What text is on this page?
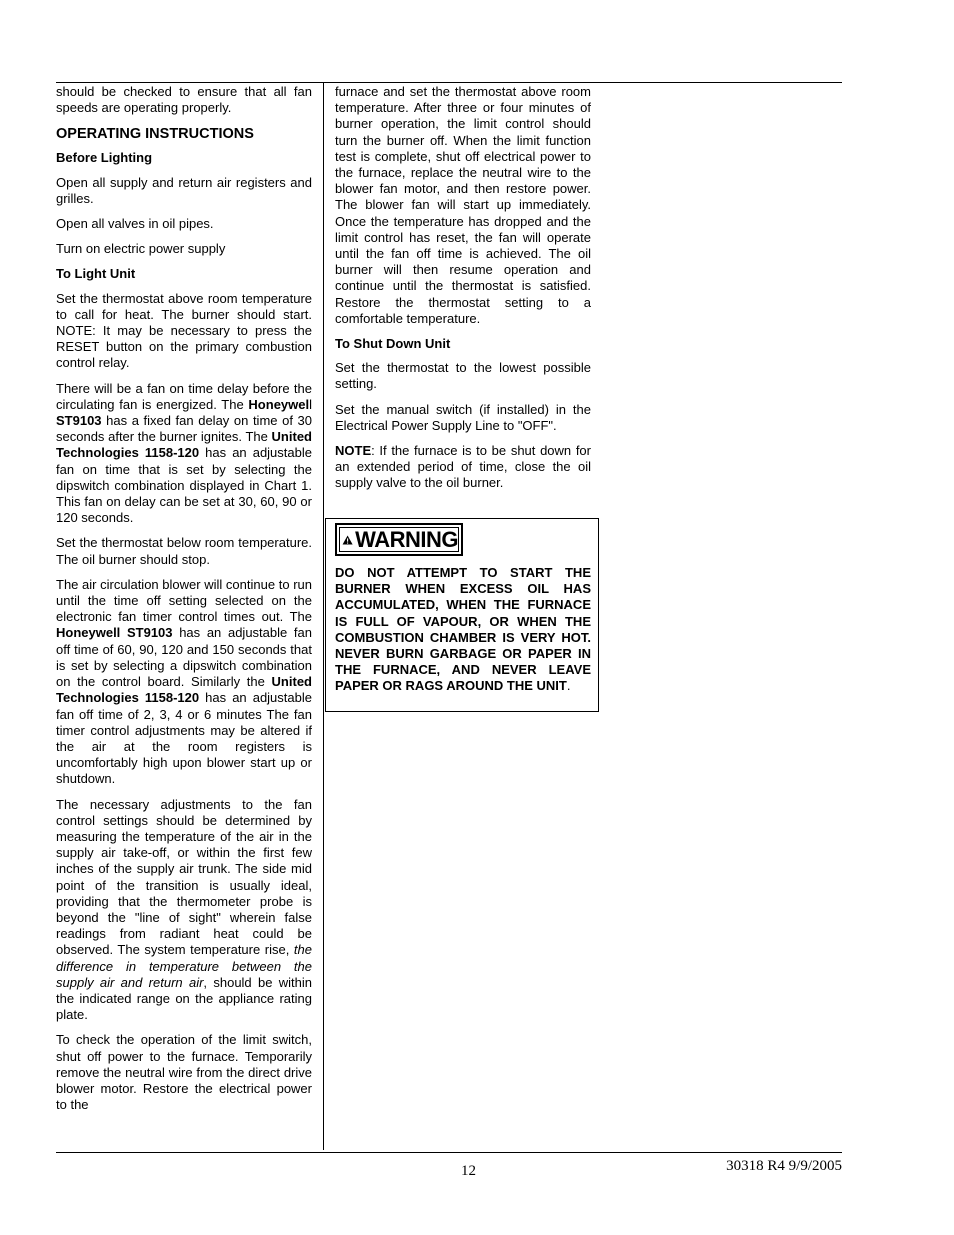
should be checked to ensure that all fan speeds are operating properly.

OPERATING INSTRUCTIONS
Before Lighting

Open all supply and return air registers and grilles.

Open all valves in oil pipes.

Turn on electric power supply

To Light Unit

Set the thermostat above room temperature to call for heat. The burner should start. NOTE: It may be necessary to press the RESET button on the primary combustion control relay.

There will be a fan on time delay before the circulating fan is energized. The Honeywell ST9103 has a fixed fan delay on time of 30 seconds after the burner ignites. The United Technologies 1158-120 has an adjustable fan on time that is set by selecting the dipswitch combination displayed in Chart 1. This fan on delay can be set at 30, 60, 90 or 120 seconds.

Set the thermostat below room temperature. The oil burner should stop.

The air circulation blower will continue to run until the time off setting selected on the electronic fan timer control times out. The Honeywell ST9103 has an adjustable fan off time of 60, 90, 120 and 150 seconds that is set by selecting a dipswitch combination on the control board. Similarly the United Technologies 1158-120 has an adjustable fan off time of 2, 3, 4 or 6 minutes The fan timer control adjustments may be altered if the air at the room registers is uncomfortably high upon blower start up or shutdown.

The necessary adjustments to the fan control settings should be determined by measuring the temperature of the air in the supply air take-off, or within the first few inches of the supply air trunk. The side mid point of the transition is usually ideal, providing that the thermometer probe is beyond the "line of sight" wherein false readings from radiant heat could be observed. The system temperature rise, the difference in temperature between the supply air and return air, should be within the indicated range on the appliance rating plate.

To check the operation of the limit switch, shut off power to the furnace. Temporarily remove the neutral wire from the direct drive blower motor. Restore the electrical power to the

furnace and set the thermostat above room temperature. After three or four minutes of burner operation, the limit control should turn the burner off. When the limit function test is complete, shut off electrical power to the furnace, replace the neutral wire to the blower fan motor, and then restore power. The blower fan will start up immediately. Once the temperature has dropped and the limit control has reset, the fan will operate until the fan off time is achieved. The oil burner will then resume operation and continue until the thermostat is satisfied. Restore the thermostat setting to a comfortable temperature.

To Shut Down Unit

Set the thermostat to the lowest possible setting.

Set the manual switch (if installed) in the Electrical Power Supply Line to "OFF".

NOTE: If the furnace is to be shut down for an extended period of time, close the oil supply valve to the oil burner.

WARNING
DO NOT ATTEMPT TO START THE BURNER WHEN EXCESS OIL HAS ACCUMULATED, WHEN THE FURNACE IS FULL OF VAPOUR, OR WHEN THE COMBUSTION CHAMBER IS VERY HOT. NEVER BURN GARBAGE OR PAPER IN THE FURNACE, AND NEVER LEAVE PAPER OR RAGS AROUND THE UNIT.
12	30318 R4 9/9/2005
